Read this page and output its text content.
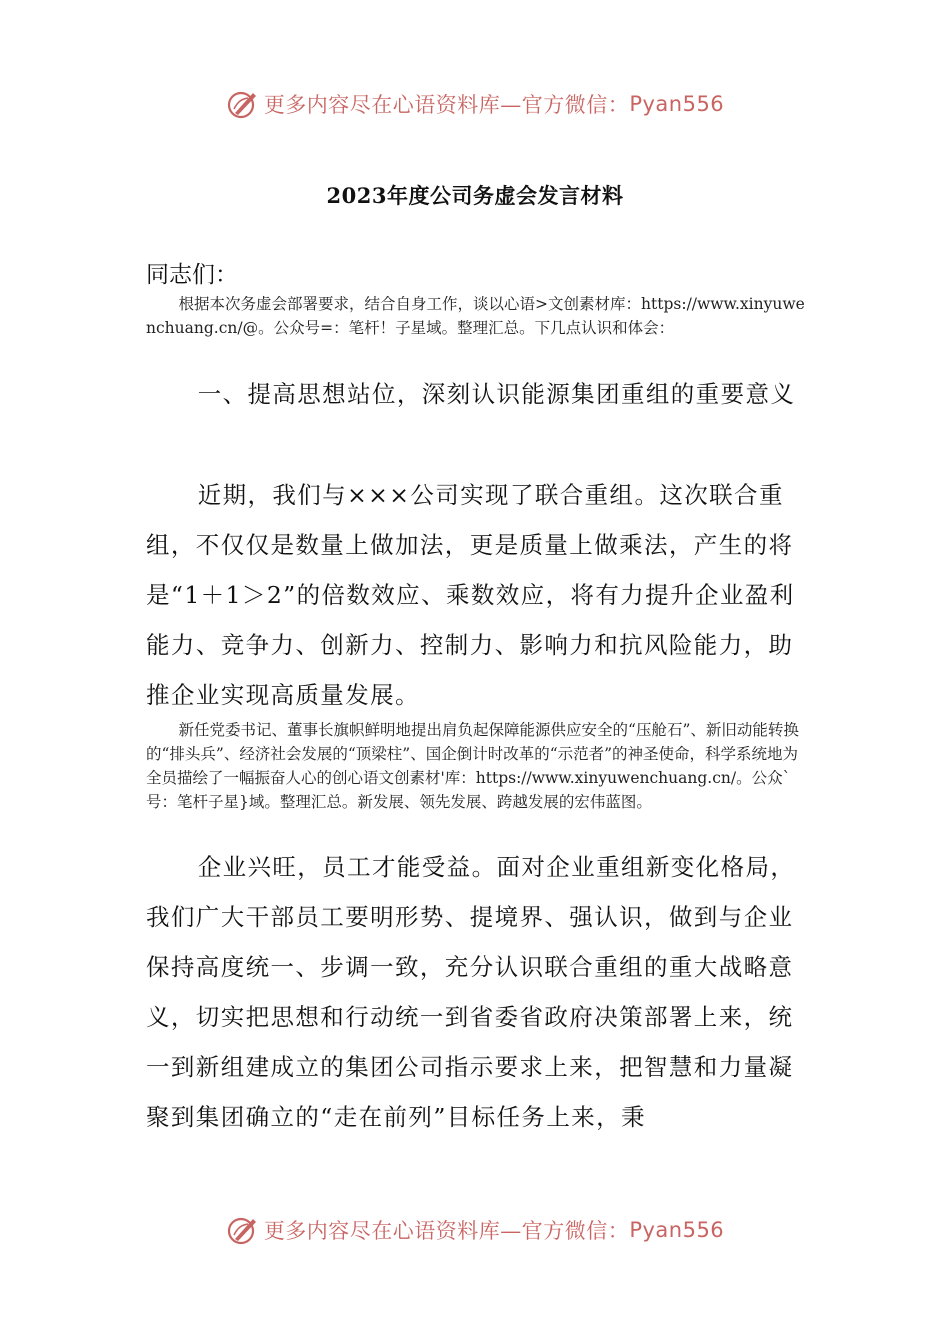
更多内容尽在心语资料库—官方微信： Pyan556
2023年度公司务虚会发言材料
同志们：

根据本次务虚会部署要求，结合自身工作，谈以心语>文创素材库：https://www.xinyuwenchuang.cn/@。公众号=：笔杆！子星域。整理汇总。下几点认识和体会：

一、提高思想站位，深刻认识能源集团重组的重要意义

近期，我们与×××公司实现了联合重组。这次联合重组，不仅仅是数量上做加法，更是质量上做乘法，产生的将是“1＋1＞2”的倍数效应、乘数效应，将有力提升企业盈利能力、竞争力、创新力、控制力、影响力和抗风险能力，助推企业实现高质量发展。

新任党委书记、董事长旗帜鲜明地提出肩负起保障能源供应安全的“压舱石”、新旧动能转换的“排头兵”、经济社会发展的“顶梁柱”、国企倒计时改革的“示范者”的神圣使命，科学系统地为全员描绘了一幅振奋人心的创心语文创素材'库：https://www.xinyuwenchuang.cn/。公众`号：笔杆子星}域。整理汇总。新发展、领先发展、跨越发展的宏伟蓝图。

企业兴旺，员工才能受益。面对企业重组新变化格局，我们广大干部员工要明形势、提境界、强认识，做到与企业保持高度统一、步调一致，充分认识联合重组的重大战略意义，切实把思想和行动统一到省委省政府决策部署上来，统一到新组建成立的集团公司指示要求上来，把智慧和力量凝聚到集团确立的“走在前列”目标任务上来，秉

更多内容尽在心语资料库—官方微信： Pyan556
